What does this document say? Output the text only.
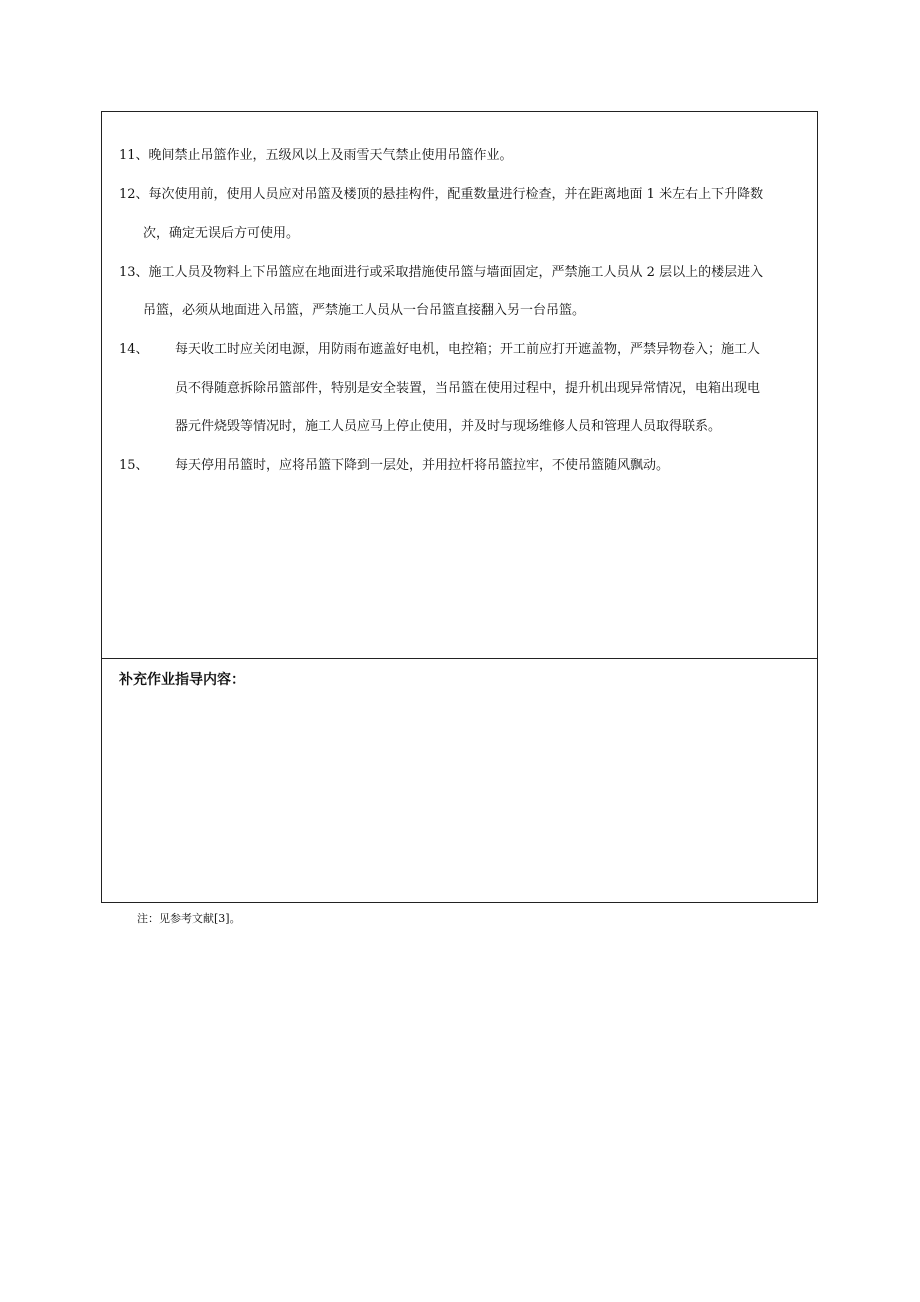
11、晚间禁止吊篮作业，五级风以上及雨雪天气禁止使用吊篮作业。
12、每次使用前，使用人员应对吊篮及楼顶的悬挂构件，配重数量进行检查，并在距离地面 1 米左右上下升降数
次，确定无误后方可使用。
13、施工人员及物料上下吊篮应在地面进行或采取措施使吊篮与墙面固定，严禁施工人员从 2 层以上的楼层进入
吊篮，必须从地面进入吊篮，严禁施工人员从一台吊篮直接翻入另一台吊篮。
14、 每天收工时应关闭电源，用防雨布遮盖好电机，电控箱；开工前应打开遮盖物，严禁异物卷入；施工人
员不得随意拆除吊篮部件，特别是安全装置，当吊篮在使用过程中，提升机出现异常情况，电箱出现电
器元件烧毁等情况时，施工人员应马上停止使用，并及时与现场维修人员和管理人员取得联系。
15、 每天停用吊篮时，应将吊篮下降到一层处，并用拉杆将吊篮拉牢，不使吊篮随风飘动。
补充作业指导内容：
注：见参考文献[3]。
